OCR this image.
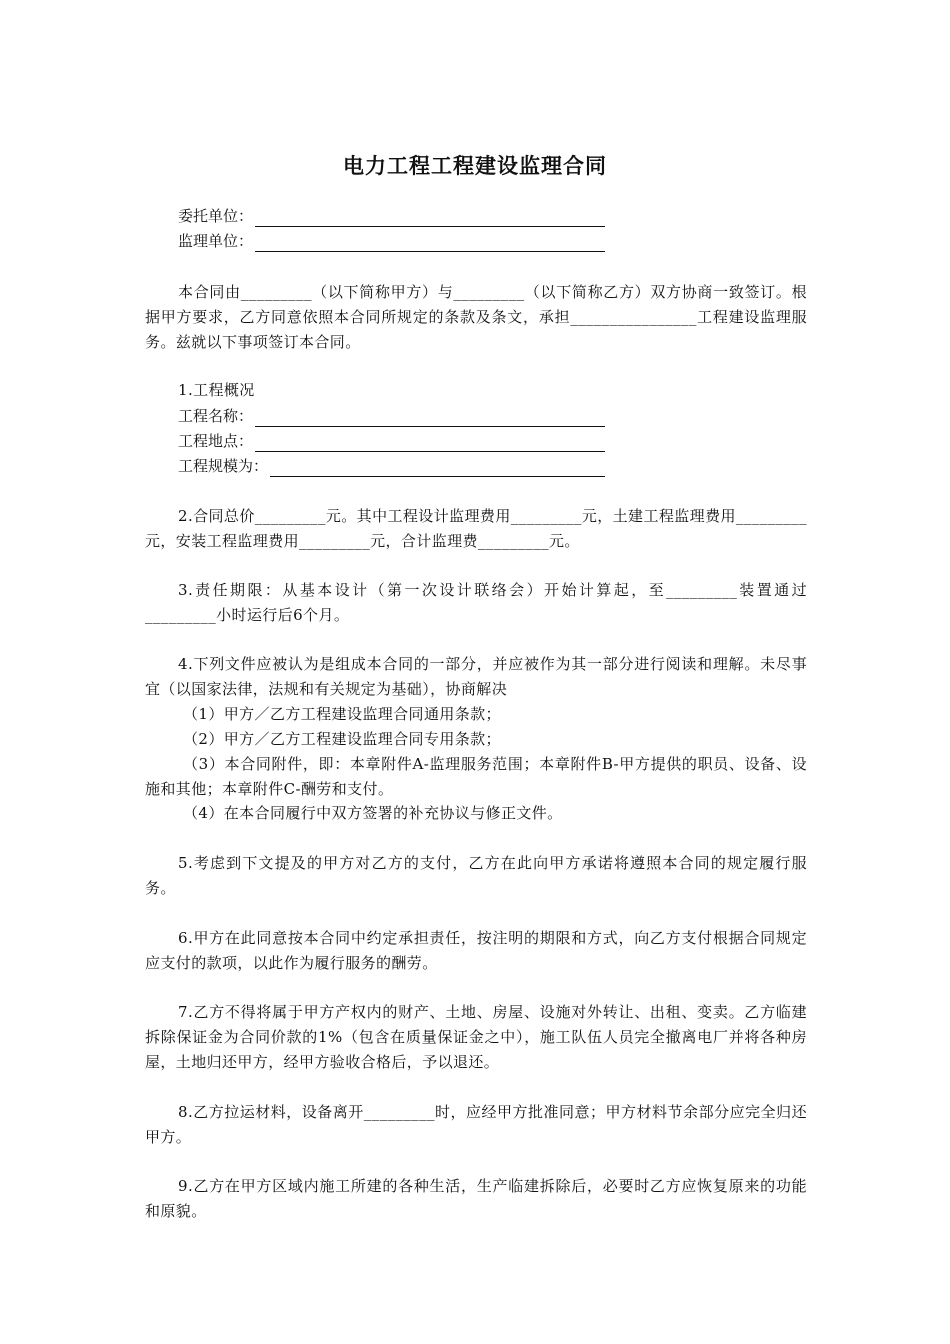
电力工程工程建设监理合同
委托单位：
监理单位：

本合同由_________（以下简称甲方）与_________（以下简称乙方）双方协商一致签订。根据甲方要求，乙方同意依照本合同所规定的条款及条文，承担________________工程建设监理服务。兹就以下事项签订本合同。

1.工程概况

工程名称：
工程地点：
工程规模为：

2.合同总价_________元。其中工程设计监理费用_________元，土建工程监理费用_________元，安装工程监理费用_________元，合计监理费_________元。

3.责任期限：从基本设计（第一次设计联络会）开始计算起，至_________装置通过_________小时运行后6个月。

4.下列文件应被认为是组成本合同的一部分，并应被作为其一部分进行阅读和理解。未尽事宜（以国家法律，法规和有关规定为基础），协商解决

（1）甲方／乙方工程建设监理合同通用条款；

（2）甲方／乙方工程建设监理合同专用条款；

（3）本合同附件，即：本章附件A-监理服务范围；本章附件B-甲方提供的职员、设备、设施和其他；本章附件C-酬劳和支付。

（4）在本合同履行中双方签署的补充协议与修正文件。

5.考虑到下文提及的甲方对乙方的支付，乙方在此向甲方承诺将遵照本合同的规定履行服务。

6.甲方在此同意按本合同中约定承担责任，按注明的期限和方式，向乙方支付根据合同规定应支付的款项，以此作为履行服务的酬劳。

7.乙方不得将属于甲方产权内的财产、土地、房屋、设施对外转让、出租、变卖。乙方临建拆除保证金为合同价款的1%（包含在质量保证金之中），施工队伍人员完全撤离电厂并将各种房屋，土地归还甲方，经甲方验收合格后，予以退还。

8.乙方拉运材料，设备离开_________时，应经甲方批准同意；甲方材料节余部分应完全归还甲方。

9.乙方在甲方区域内施工所建的各种生活，生产临建拆除后，必要时乙方应恢复原来的功能和原貌。
